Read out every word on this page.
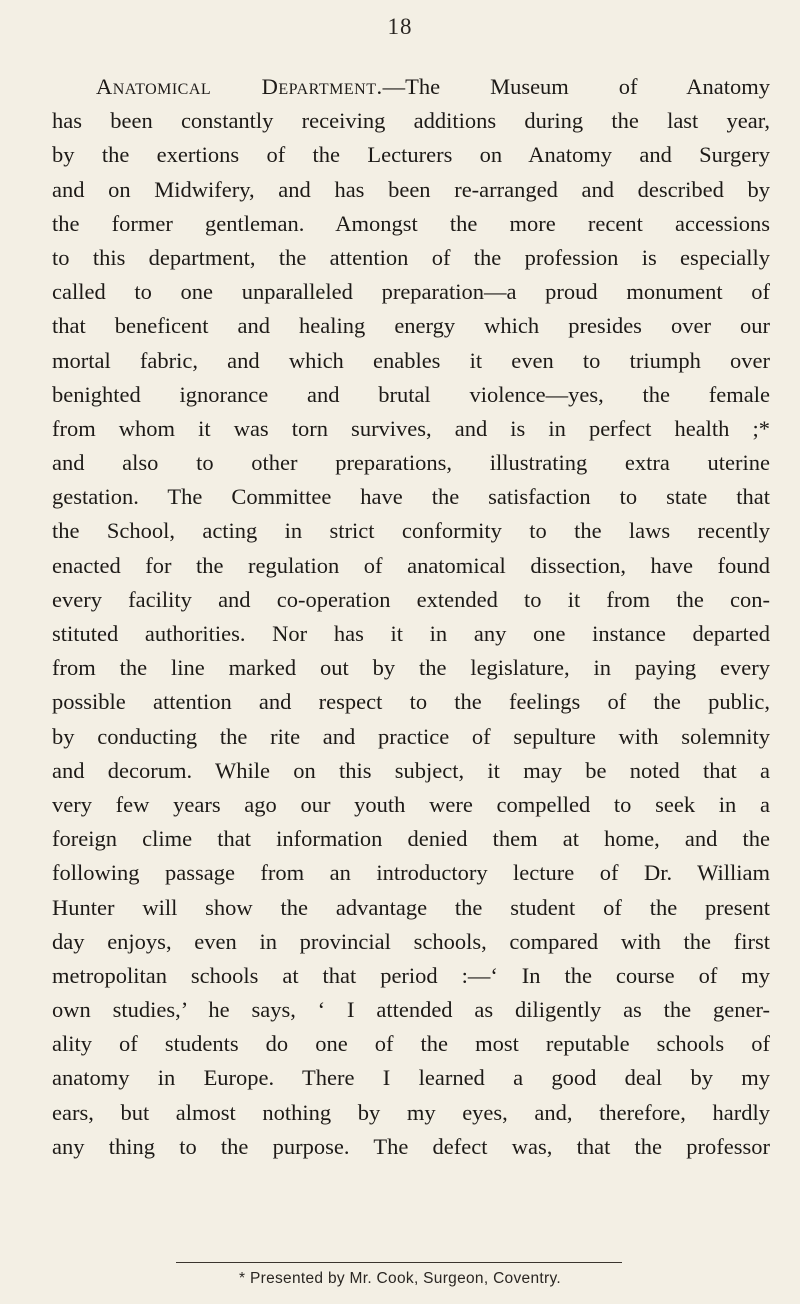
18
Anatomical Department.—The Museum of Anatomy
has been constantly receiving additions during the last year,
by the exertions of the Lecturers on Anatomy and Surgery
and on Midwifery, and has been re-arranged and described by
the former gentleman. Amongst the more recent accessions
to this department, the attention of the profession is especially
called to one unparalleled preparation—a proud monument of
that beneficent and healing energy which presides over our
mortal fabric, and which enables it even to triumph over
benighted ignorance and brutal violence—yes, the female
from whom it was torn survives, and is in perfect health ;*
and also to other preparations, illustrating extra uterine
gestation. The Committee have the satisfaction to state that
the School, acting in strict conformity to the laws recently
enacted for the regulation of anatomical dissection, have found
every facility and co-operation extended to it from the con-
stituted authorities. Nor has it in any one instance departed
from the line marked out by the legislature, in paying every
possible attention and respect to the feelings of the public,
by conducting the rite and practice of sepulture with solemnity
and decorum. While on this subject, it may be noted that a
very few years ago our youth were compelled to seek in a
foreign clime that information denied them at home, and the
following passage from an introductory lecture of Dr. William
Hunter will show the advantage the student of the present
day enjoys, even in provincial schools, compared with the first
metropolitan schools at that period :—‘ In the course of my
own studies,’ he says, ‘ I attended as diligently as the gener-
ality of students do one of the most reputable schools of
anatomy in Europe. There I learned a good deal by my
ears, but almost nothing by my eyes, and, therefore, hardly
any thing to the purpose. The defect was, that the professor
* Presented by Mr. Cook, Surgeon, Coventry.
